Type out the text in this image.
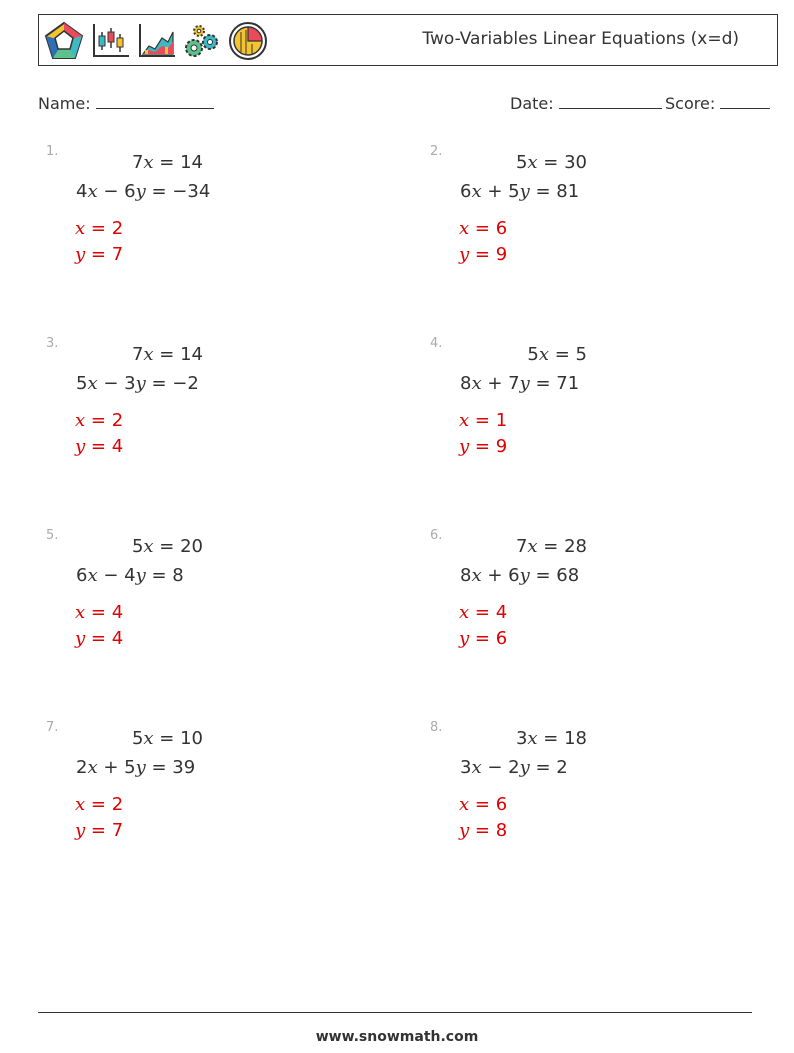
Two-Variables Linear Equations (x=d)
Name:	Date:	Score:
1.
7x = 14
4x − 6y = −34
x = 2
y = 7
2.
5x = 30
6x + 5y = 81
x = 6
y = 9
3.
7x = 14
5x − 3y = −2
x = 2
y = 4
4.
5x = 5
8x + 7y = 71
x = 1
y = 9
5.
5x = 20
6x − 4y = 8
x = 4
y = 4
6.
7x = 28
8x + 6y = 68
x = 4
y = 6
7.
5x = 10
2x + 5y = 39
x = 2
y = 7
8.
3x = 18
3x − 2y = 2
x = 6
y = 8
www.snowmath.com
